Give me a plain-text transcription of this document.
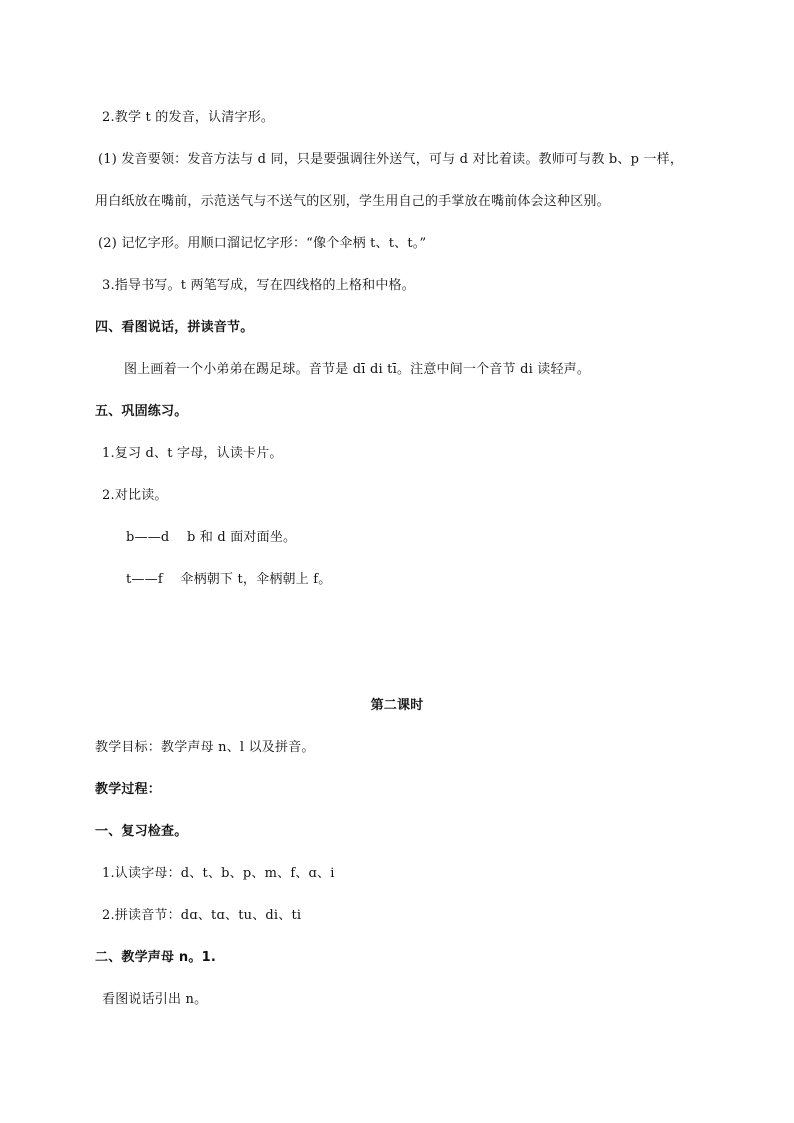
2.教学 t 的发音，认清字形。
(1) 发音要领：发音方法与 d 同，只是要强调往外送气，可与 d 对比着读。教师可与教 b、p 一样，
用白纸放在嘴前，示范送气与不送气的区别，学生用自己的手掌放在嘴前体会这种区别。
(2) 记忆字形。用顺口溜记忆字形：“像个伞柄 t、t、t。”
3.指导书写。t 两笔写成，写在四线格的上格和中格。
四、看图说话，拼读音节。
图上画着一个小弟弟在踢足球。音节是 dī di tī。注意中间一个音节 di 读轻声。
五、巩固练习。
1.复习 d、t 字母，认读卡片。
2.对比读。
b——d　 b 和 d 面对面坐。
t——f　 伞柄朝下 t，伞柄朝上 f。
第二课时
教学目标：教学声母 n、l 以及拼音。
教学过程：
一、复习检查。
1.认读字母：d、t、b、p、m、f、ɑ、i
2.拼读音节：dɑ、tɑ、tu、di、ti
二、教学声母 n。1.
看图说话引出 n。
